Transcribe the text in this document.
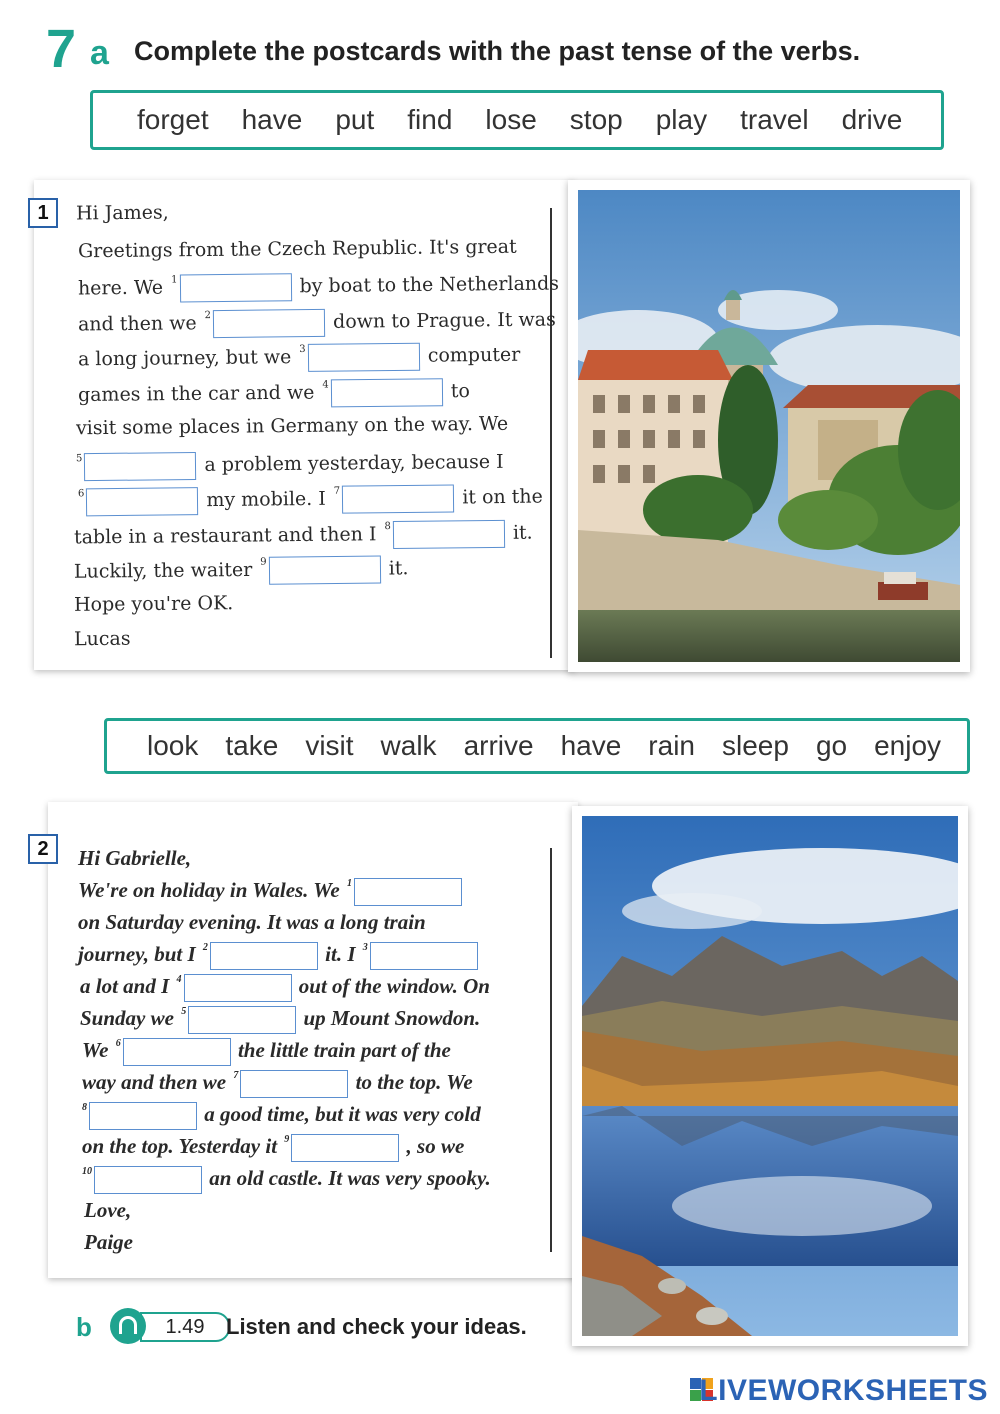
7 a Complete the postcards with the past tense of the verbs.
forget have put find lose stop play travel drive
1	Hi James,
Greetings from the Czech Republic. It's great
here. We $^1$	by boat to the Netherlands
and then we $^2$	down to Prague. It was
a long journey, but we $^3$	computer
games in the car and we $^4$	to
visit some places in Germany on the way. We
$^5$	a problem yesterday, because I
$^6$	my mobile. I $^7$	it on the
table in a restaurant and then I $^8$	it.
Luckily, the waiter $^9$	it.
Hope you're OK.
Lucas
look take visit walk arrive have rain sleep go enjoy
2	Hi Gabrielle,
We're on holiday in Wales. We $^1$
on Saturday evening. It was a long train
journey, but I $^2$	it. I $^3$
a lot and I $^4$	out of the window. On
Sunday we $^5$	up Mount Snowdon.
We $^6$	the little train part of the
way and then we $^7$	to the top. We
$^8$	a good time, but it was very cold
on the top. Yesterday it $^9$	, so we
$^{10}$	an old castle. It was very spooky.
Love,
Paige
b	1.49 Listen and check your ideas.
LIVEWORKSHEETS
